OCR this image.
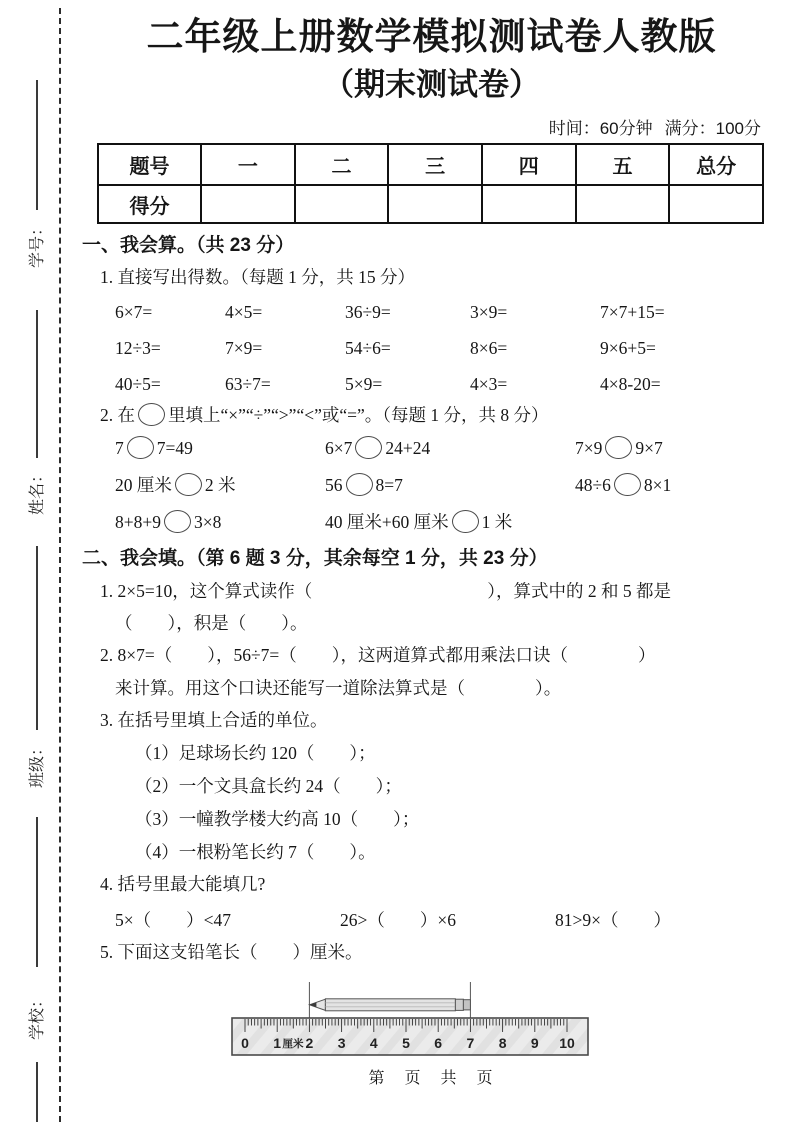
学号：
姓名：
班级：
学校：
二年级上册数学模拟测试卷人教版
（期末测试卷）
时间：60分钟 满分：100分
题号	一	二	三	四	五	总分
得分						
一、我会算。（共 23 分）
1. 直接写出得数。（每题 1 分，共 15 分）
6×7=	4×5=	36÷9=	3×9=	7×7+15=
12÷3=	7×9=	54÷6=	8×6=	9×6+5=
40÷5=	63÷7=	5×9=	4×3=	4×8-20=
2. 在 里填上“×”“÷”“>”“<”或“=”。（每题 1 分，共 8 分）
7 7=49	6×7 24+24	7×9 9×7
20 厘米 2 米	56 8=7	48÷6 8×1
8+8+9 3×8	40 厘米+60 厘米 1 米
二、我会填。（第 6 题 3 分，其余每空 1 分，共 23 分）
1. 2×5=10，这个算式读作（　　　　　　　　　　），算式中的 2 和 5 都是
（　　），积是（　　）。
2. 8×7=（　　），56÷7=（　　），这两道算式都用乘法口诀（　　　　）
来计算。用这个口诀还能写一道除法算式是（　　　　）。
3. 在括号里填上合适的单位。
（1）足球场长约 120（　　）；
（2）一个文具盒长约 24（　　）；
（3）一幢教学楼大约高 10（　　）；
（4）一根粉笔长约 7（　　）。
4. 括号里最大能填几?
5×（　　）<47	26>（　　）×6	81>9×（　　）
5. 下面这支铅笔长（　　）厘米。
0 1 2 3 4 5 6 7 8 9 10
厘米
第　页　共　页
